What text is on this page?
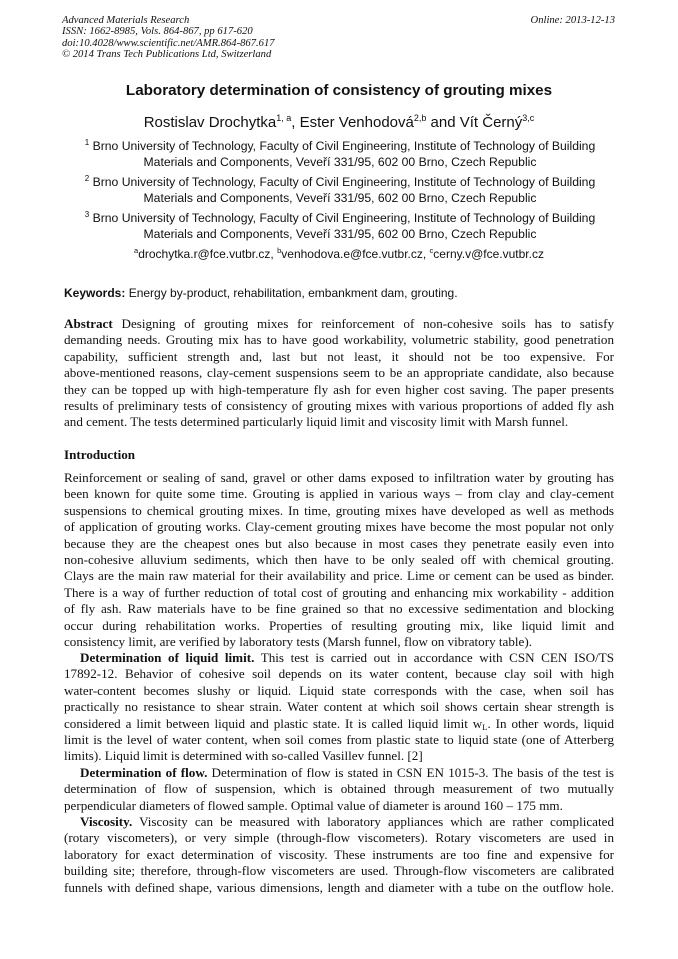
Advanced Materials Research
ISSN: 1662-8985, Vols. 864-867, pp 617-620
doi:10.4028/www.scientific.net/AMR.864-867.617
© 2014 Trans Tech Publications Ltd, Switzerland
Online: 2013-12-13
Laboratory determination of consistency of grouting mixes
Rostislav Drochytka$^{1, a}$, Ester Venhodová$^{2,b}$ and Vít Černý$^{3,c}$
$^1$ Brno University of Technology, Faculty of Civil Engineering, Institute of Technology of Building
Materials and Components, Veveří 331/95, 602 00 Brno, Czech Republic
$^2$ Brno University of Technology, Faculty of Civil Engineering, Institute of Technology of Building
Materials and Components, Veveří 331/95, 602 00 Brno, Czech Republic
$^3$ Brno University of Technology, Faculty of Civil Engineering, Institute of Technology of Building
Materials and Components, Veveří 331/95, 602 00 Brno, Czech Republic
$^a$drochytka.r@fce.vutbr.cz, $^b$venhodova.e@fce.vutbr.cz, $^c$cerny.v@fce.vutbr.cz
Keywords: Energy by-product, rehabilitation, embankment dam, grouting.
Abstract Designing of grouting mixes for reinforcement of non-cohesive soils has to satisfy
demanding needs. Grouting mix has to have good workability, volumetric stability, good penetration
capability, sufficient strength and, last but not least, it should not be too expensive. For
above-mentioned reasons, clay-cement suspensions seem to be an appropriate candidate, also because
they can be topped up with high-temperature fly ash for even higher cost saving. The paper presents
results of preliminary tests of consistency of grouting mixes with various proportions of added fly ash
and cement. The tests determined particularly liquid limit and viscosity limit with Marsh funnel.
Introduction
Reinforcement or sealing of sand, gravel or other dams exposed to infiltration water by grouting has
been known for quite some time. Grouting is applied in various ways – from clay and clay-cement
suspensions to chemical grouting mixes. In time, grouting mixes have developed as well as methods
of application of grouting works. Clay-cement grouting mixes have become the most popular not only
because they are the cheapest ones but also because in most cases they penetrate easily even into
non-cohesive alluvium sediments, which then have to be only sealed off with chemical grouting.
Clays are the main raw material for their availability and price. Lime or cement can be used as binder.
There is a way of further reduction of total cost of grouting and enhancing mix workability - addition
of fly ash. Raw materials have to be fine grained so that no excessive sedimentation and blocking
occur during rehabilitation works. Properties of resulting grouting mix, like liquid limit and
consistency limit, are verified by laboratory tests (Marsh funnel, flow on vibratory table).
Determination of liquid limit. This test is carried out in accordance with CSN CEN ISO/TS
17892-12. Behavior of cohesive soil depends on its water content, because clay soil with high
water-content becomes slushy or liquid. Liquid state corresponds with the case, when soil has
practically no resistance to shear strain. Water content at which soil shows certain shear strength is
considered a limit between liquid and plastic state. It is called liquid limit $w_L$. In other words, liquid
limit is the level of water content, when soil comes from plastic state to liquid state (one of Atterberg
limits). Liquid limit is determined with so-called Vasillev funnel. [2]
Determination of flow. Determination of flow is stated in CSN EN 1015-3. The basis of the test is
determination of flow of suspension, which is obtained through measurement of two mutually
perpendicular diameters of flowed sample. Optimal value of diameter is around 160 – 175 mm.
Viscosity. Viscosity can be measured with laboratory appliances which are rather complicated
(rotary viscometers), or very simple (through-flow viscometers). Rotary viscometers are used in
laboratory for exact determination of viscosity. These instruments are too fine and expensive for
building site; therefore, through-flow viscometers are used. Through-flow viscometers are calibrated
funnels with defined shape, various dimensions, length and diameter with a tube on the outflow hole.
